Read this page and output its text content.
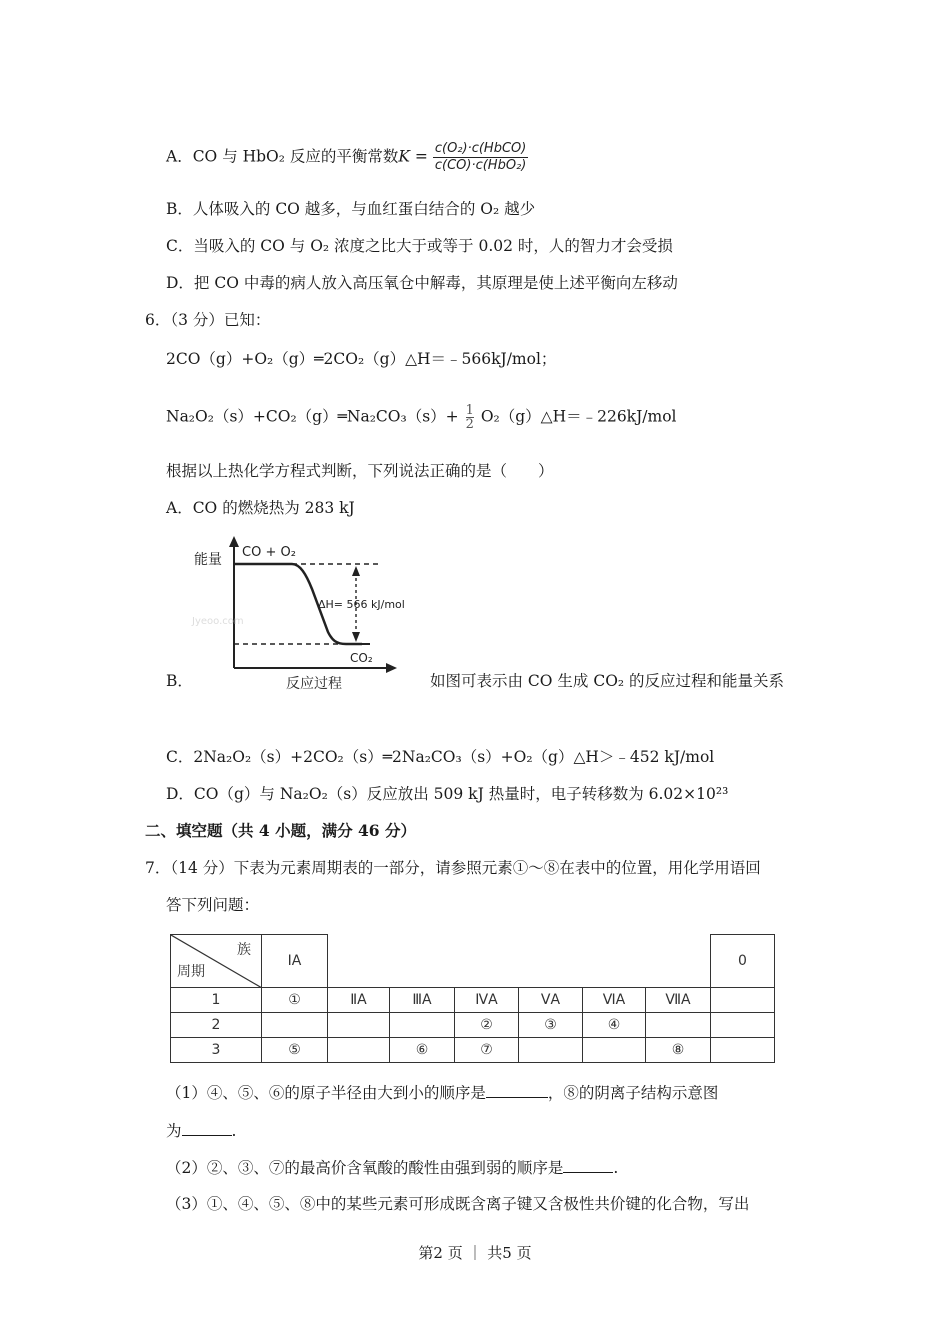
A．CO 与 HbO₂ 反应的平衡常数$K = \frac{\text{c(O₂)·c(HbCO)}}{\text{c(CO)·c(HbO₂)}}$
B．人体吸入的 CO 越多，与血红蛋白结合的 O₂ 越少
C．当吸入的 CO 与 O₂ 浓度之比大于或等于 0.02 时，人的智力才会受损
D．把 CO 中毒的病人放入高压氧仓中解毒，其原理是使上述平衡向左移动
6．（3 分）已知：
2CO（g）+O₂（g）═2CO₂（g）△H＝﹣566kJ/mol；
Na₂O₂（s）+CO₂（g）═Na₂CO₃（s）+ $\frac{1}{2}$ O₂（g）△H＝﹣226kJ/mol
根据以上热化学方程式判断，下列说法正确的是（　　）
A．CO 的燃烧热为 283 kJ
能量
反应过程
CO + O₂
CO₂
ΔH= 566 kJ/mol
Jyeoo.com
B．	如图可表示由 CO 生成 CO₂ 的反应过程和能量关系
C．2Na₂O₂（s）+2CO₂（s）═2Na₂CO₃（s）+O₂（g）△H＞﹣452 kJ/mol
D．CO（g）与 Na₂O₂（s）反应放出 509 kJ 热量时，电子转移数为 6.02×10²³
二、填空题（共 4 小题，满分 46 分）
7．（14 分）下表为元素周期表的一部分，请参照元素①～⑧在表中的位置，用化学用语回
答下列问题：
族
周期	ⅠA							0
1	①	ⅡA	ⅢA	ⅣA	ⅤA	ⅥA	ⅦA	
2				②	③	④		
3	⑤		⑥	⑦			⑧	
（1）④、⑤、⑥的原子半径由大到小的顺序是	，⑧的阴离子结构示意图
为	.
（2）②、③、⑦的最高价含氧酸的酸性由强到弱的顺序是	.
（3）①、④、⑤、⑧中的某些元素可形成既含离子键又含极性共价键的化合物，写出
第2 页 ｜ 共5 页
